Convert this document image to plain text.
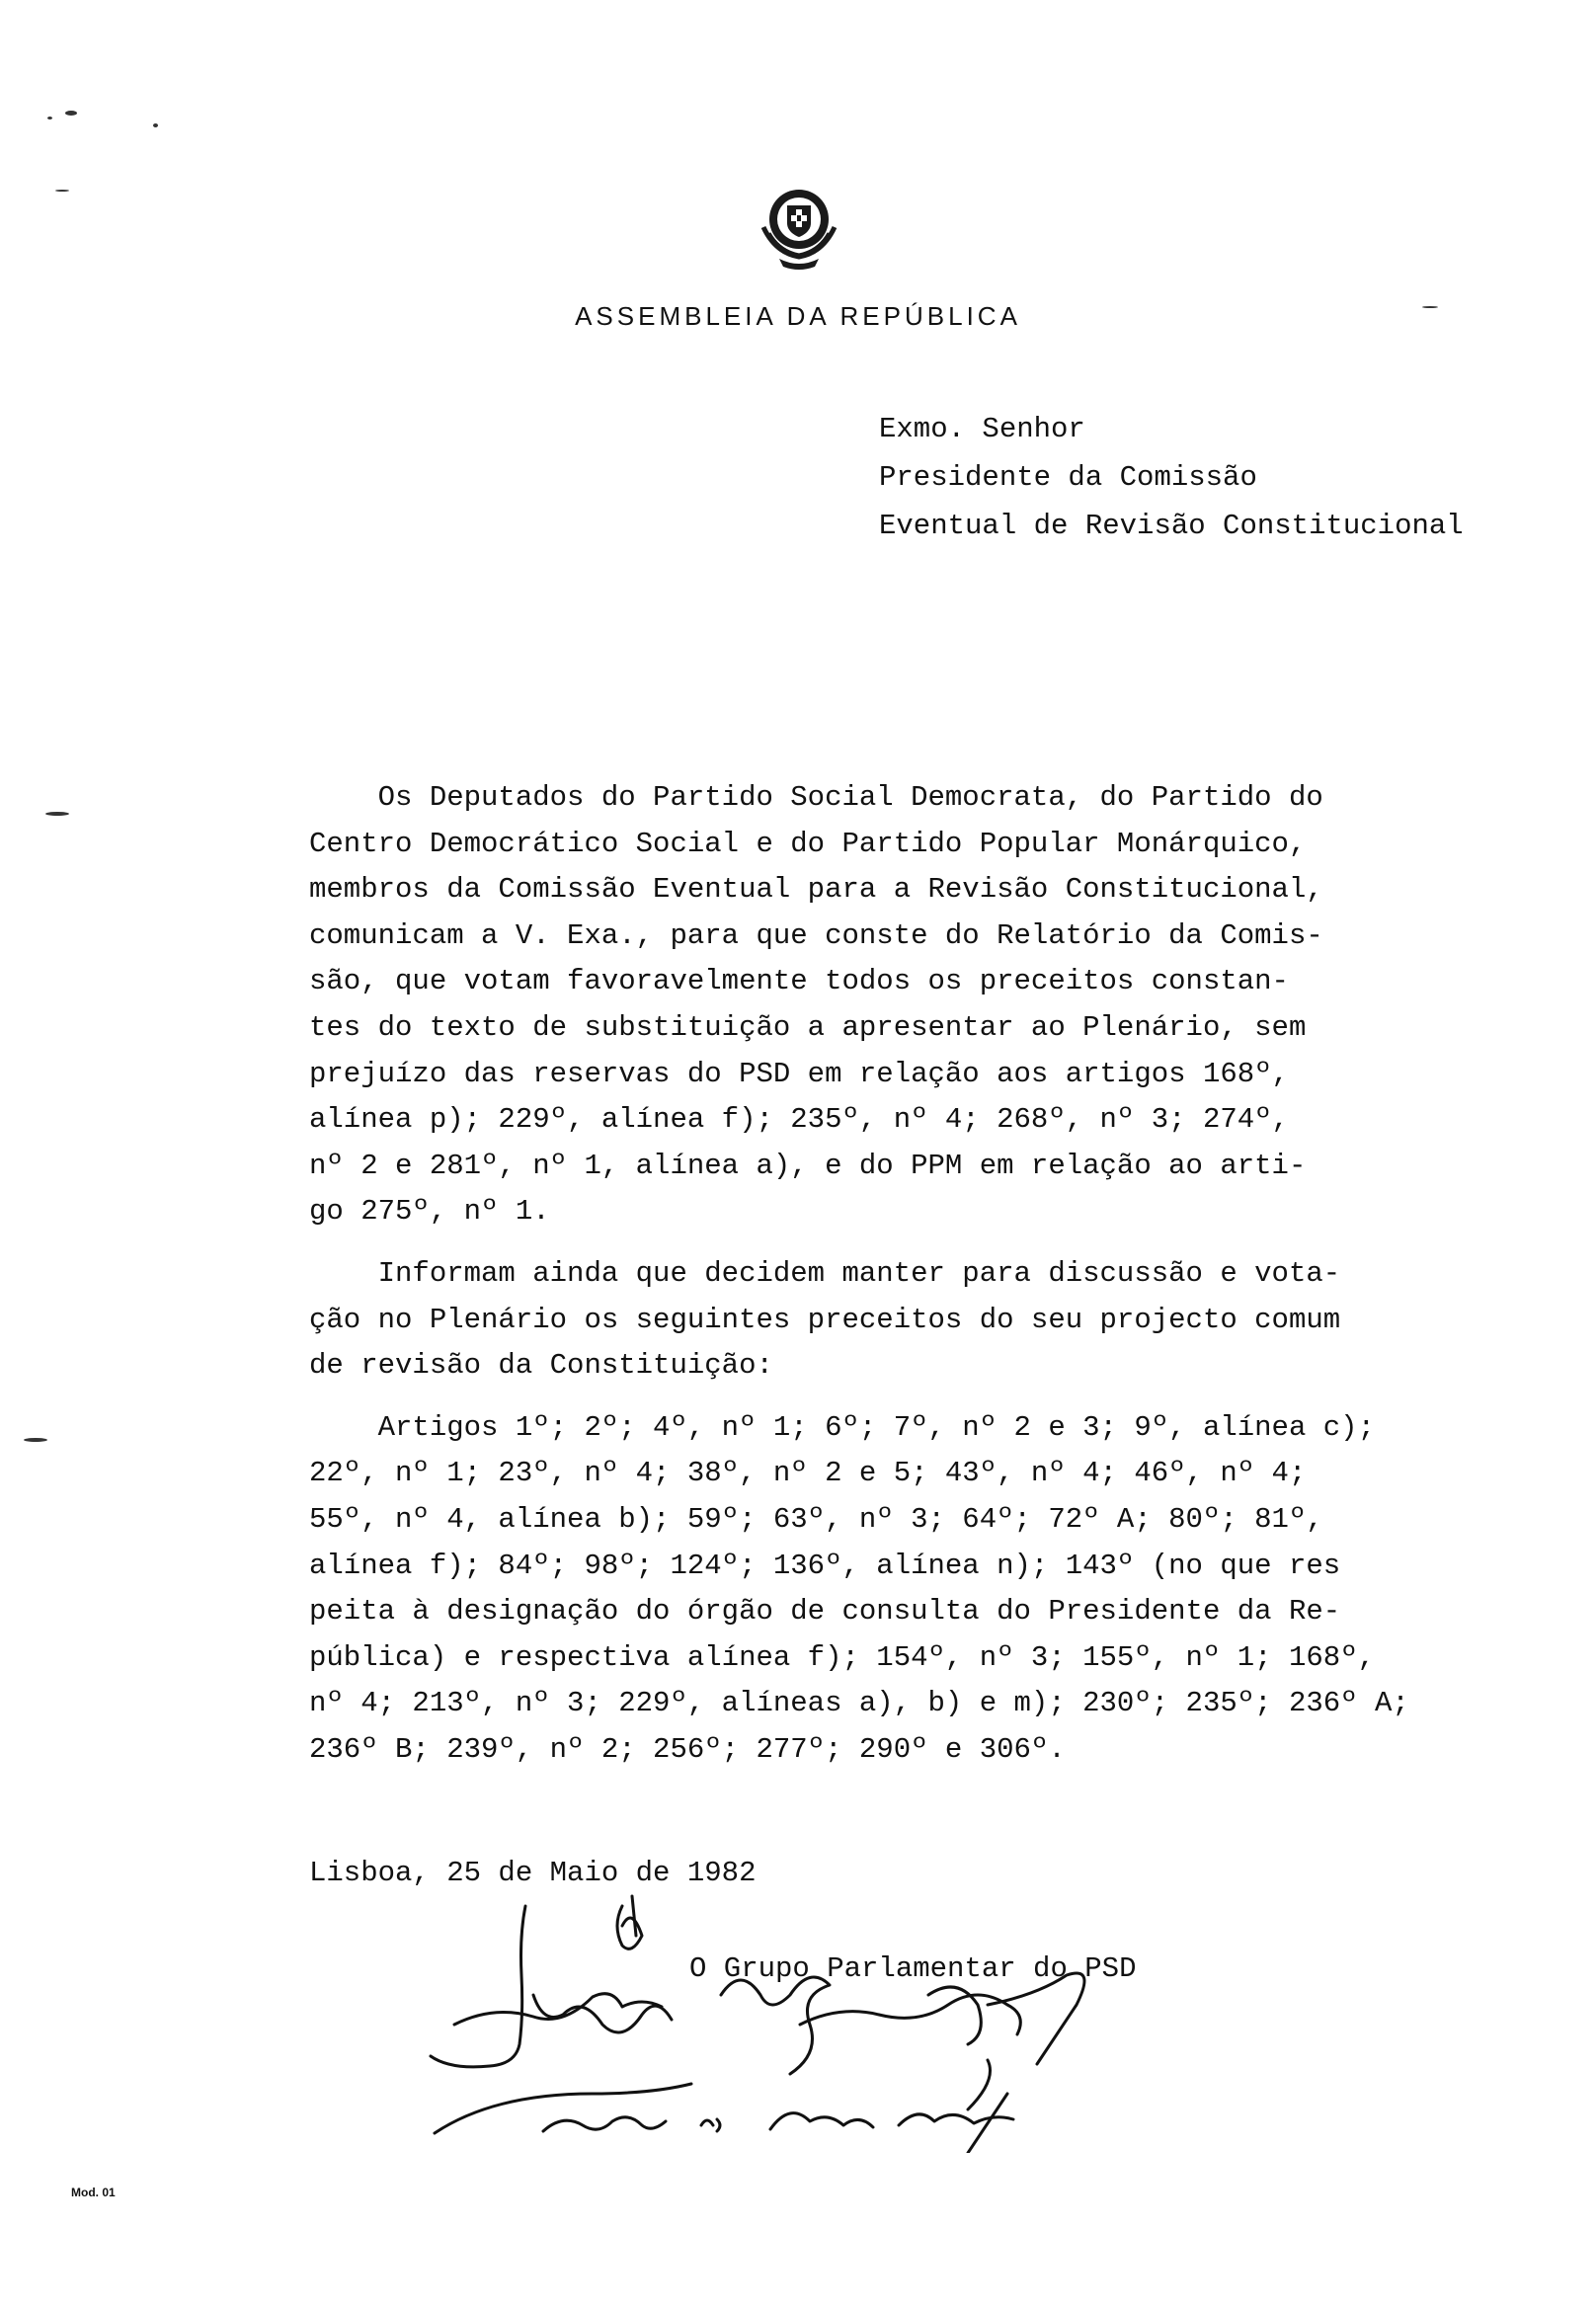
ASSEMBLEIA DA REPÚBLICA
Exmo. Senhor
Presidente da Comissão
Eventual de Revisão Constitucional
Os Deputados do Partido Social Democrata, do Partido do
Centro Democrático Social e do Partido Popular Monárquico,
membros da Comissão Eventual para a Revisão Constitucional,
comunicam a V. Exa., para que conste do Relatório da Comis-
são, que votam favoravelmente todos os preceitos constan-
tes do texto de substituição a apresentar ao Plenário, sem
prejuízo das reservas do PSD em relação aos artigos 168º,
alínea p); 229º, alínea f); 235º, nº 4; 268º, nº 3; 274º,
nº 2 e 281º, nº 1, alínea a), e do PPM em relação ao arti-
go 275º, nº 1.
Informam ainda que decidem manter para discussão e vota-
ção no Plenário os seguintes preceitos do seu projecto comum
de revisão da Constituição:
Artigos 1º; 2º; 4º, nº 1; 6º; 7º, nº 2 e 3; 9º, alínea c);
22º, nº 1; 23º, nº 4; 38º, nº 2 e 5; 43º, nº 4; 46º, nº 4;
55º, nº 4, alínea b); 59º; 63º, nº 3; 64º; 72º A; 80º; 81º,
alínea f); 84º; 98º; 124º; 136º, alínea n); 143º (no que res
peita à designação do órgão de consulta do Presidente da Re-
pública) e respectiva alínea f); 154º, nº 3; 155º, nº 1; 168º,
nº 4; 213º, nº 3; 229º, alíneas a), b) e m); 230º; 235º; 236º A;
236º B; 239º, nº 2; 256º; 277º; 290º e 306º.
Lisboa, 25 de Maio de 1982
O Grupo Parlamentar do PSD
Mod. 01
